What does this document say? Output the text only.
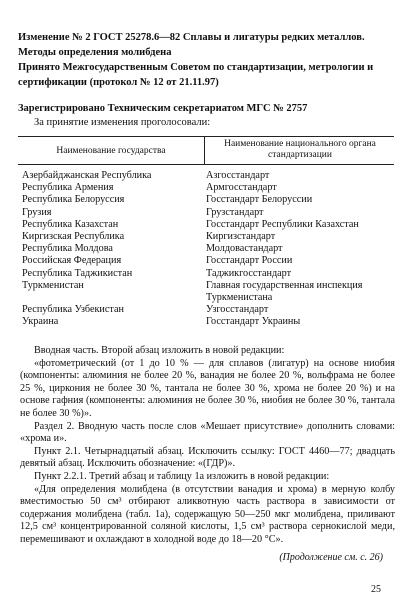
Изменение № 2 ГОСТ 25278.6—82 Сплавы и лигатуры редких металлов. Методы определения молибдена
Принято Межгосударственным Советом по стандартизации, метрологии и сертификации (протокол № 12 от 21.11.97)
Зарегистрировано Техническим секретариатом МГС № 2757
За принятие изменения проголосовали:
Наименование государства
Наименование национального органа стандартизации
Азербайджанская Республика	Азгосстандарт
Республика Армения	Армгосстандарт
Республика Белоруссия	Госстандарт Белоруссии
Грузия	Грузстандарт
Республика Казахстан	Госстандарт Республики Казахстан
Киргизская Республика	Киргизстандарт
Республика Молдова	Молдовастандарт
Российская Федерация	Госстандарт России
Республика Таджикистан	Таджикгосстандарт
Туркменистан	Главная государственная инспекция Туркменистана
Республика Узбекистан	Узгосстандарт
Украина	Госстандарт Украины

Вводная часть. Второй абзац изложить в новой редакции:

«фотометрический (от 1 до 10 % — для сплавов (лигатур) на основе ниобия (компоненты: алюминия не более 20 %, ванадия не более 20 %, вольфрама не более 25 %, циркония не более 30 %, тантала не более 30 %, хрома не более 20 %) и на основе гафния (компоненты: алюминия не более 30 %, ниобия не более 30 %, тантала не более 30 %)».

Раздел 2. Вводную часть после слов «Мешает присутствие» дополнить словами: «хрома и».

Пункт 2.1. Четырнадцатый абзац. Исключить ссылку: ГОСТ 4460—77; двадцать девятый абзац. Исключить обозначение: «(ГДР)».

Пункт 2.2.1. Третий абзац и таблицу 1а изложить в новой редакции:

«Для определения молибдена (в отсутствии ванадия и хрома) в мерную колбу вместимостью 50 см³ отбирают аликвотную часть раствора в зависимости от содержания молибдена (табл. 1а), содержащую 50—250 мкг молибдена, приливают 12,5 см³ концентрированной соляной кислоты, 1,5 см³ раствора сернокислой меди, перемешивают и охлаждают в холодной воде до 18—20 °С».

(Продолжение см. с. 26)
25
